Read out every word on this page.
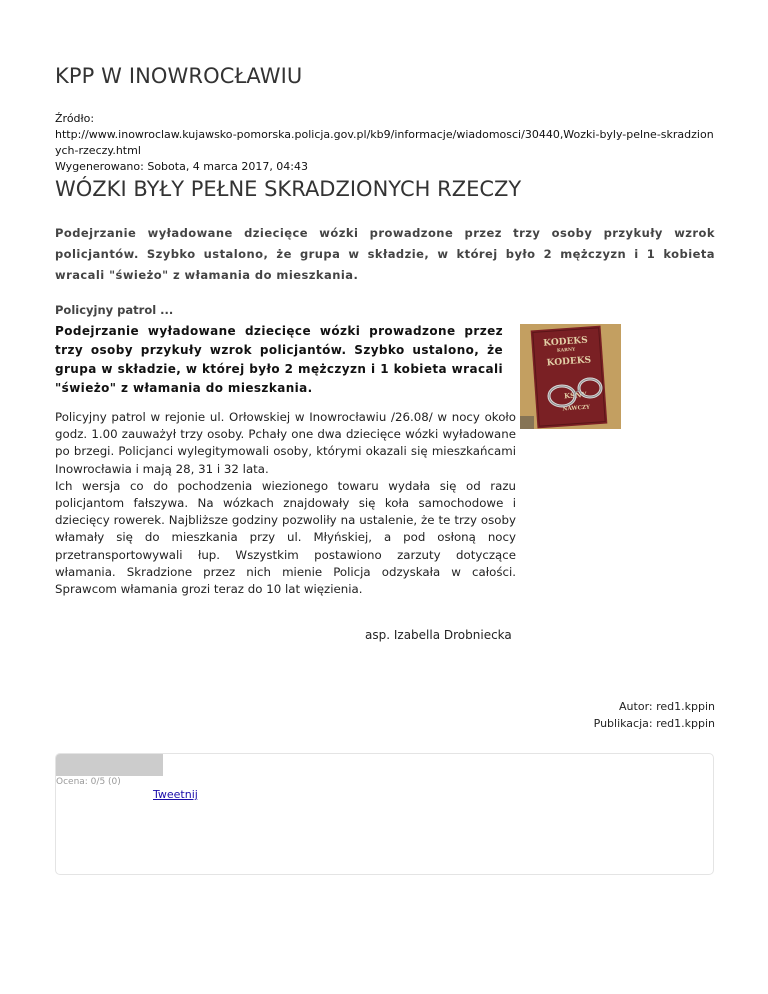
KPP W INOWROCŁAWIU
Źródło:
http://www.inowroclaw.kujawsko-pomorska.policja.gov.pl/kb9/informacje/wiadomosci/30440,Wozki-byly-pelne-skradzionych-rzeczy.html
Wygenerowano: Sobota, 4 marca 2017, 04:43
WÓZKI BYŁY PEŁNE SKRADZIONYCH RZECZY
Podejrzanie wyładowane dziecięce wózki prowadzone przez trzy osoby przykuły wzrok policjantów. Szybko ustalono, że grupa w składzie, w której było 2 mężczyzn i 1 kobieta wracali "świeżo" z włamania do mieszkania.
Policyjny patrol ...
Podejrzanie wyładowane dziecięce wózki prowadzone przez trzy osoby przykuły wzrok policjantów. Szybko ustalono, że grupa w składzie, w której było 2 mężczyzn i 1 kobieta wracali "świeżo" z włamania do mieszkania.
KODEKS
KARNY
KODEKS
KSNY
NAWCZY

Policyjny patrol w rejonie ul. Orłowskiej w Inowrocławiu /26.08/ w nocy około godz. 1.00 zauważył trzy osoby. Pchały one dwa dziecięce wózki wyładowane po brzegi. Policjanci wylegitymowali osoby, którymi okazali się mieszkańcami Inowrocławia i mają 28, 31 i 32 lata.

Ich wersja co do pochodzenia wiezionego towaru wydała się od razu policjantom fałszywa. Na wózkach znajdowały się koła samochodowe i dziecięcy rowerek. Najbliższe godziny pozwoliły na ustalenie, że te trzy osoby włamały się do mieszkania przy ul. Młyńskiej, a pod osłoną nocy przetransportowywali łup. Wszystkim postawiono zarzuty dotyczące włamania. Skradzione przez nich mienie Policja odzyskała w całości. Sprawcom włamania grozi teraz do 10 lat więzienia.

asp. Izabella Drobniecka
Autor: red1.kppin
Publikacja: red1.kppin
Ocena: 0/5 (0)
Tweetnij
